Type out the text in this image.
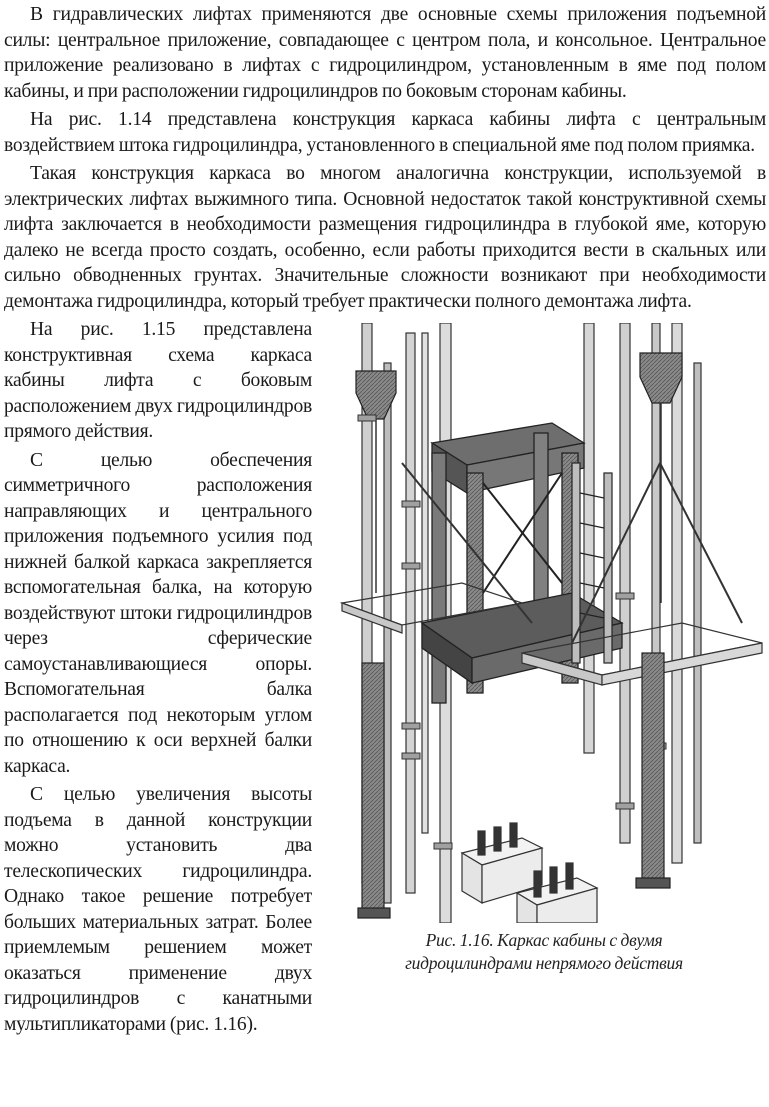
В гидравлических лифтах применяются две основные схемы приложения подъемной силы: центральное приложение, совпадающее с центром пола, и консольное. Центральное приложение реализовано в лифтах с гидроцилиндром, установленным в яме под полом кабины, и при расположении гидроцилиндров по боковым сторонам кабины.

На рис. 1.14 представлена конструкция каркаса кабины лифта с центральным воздействием штока гидроцилиндра, установленного в специальной яме под полом приямка.

Такая конструкция каркаса во многом аналогична конструкции, используемой в электрических лифтах выжимного типа. Основной недостаток такой конструктивной схемы лифта заключается в необходимости размещения гидроцилиндра в глубокой яме, которую далеко не всегда просто создать, особенно, если работы приходится вести в скальных или сильно обводненных грунтах. Значительные сложности возникают при необходимости демонтажа гидроцилиндра, который требует практически полного демонтажа лифта.

Рис. 1.16. Каркас кабины с двумя
гидроцилиндрами непрямого действия

На рис. 1.15 представлена конструктивная схема каркаса кабины лифта с боковым расположением двух гидроцилиндров прямого действия.

С целью обеспечения симметричного расположения направляющих и центрального приложения подъемного усилия под нижней балкой каркаса закрепляется вспомогательная балка, на которую воздействуют штоки гидроцилиндров через сферические самоустанавливающиеся опоры. Вспомогательная балка располагается под некоторым углом по отношению к оси верхней балки каркаса.

С целью увеличения высоты подъема в данной конструкции можно установить два телескопических гидроцилиндра. Однако такое решение потребует больших материальных затрат. Более приемлемым решением может оказаться применение двух гидроцилиндров с канатными мультипликаторами (рис. 1.16).
